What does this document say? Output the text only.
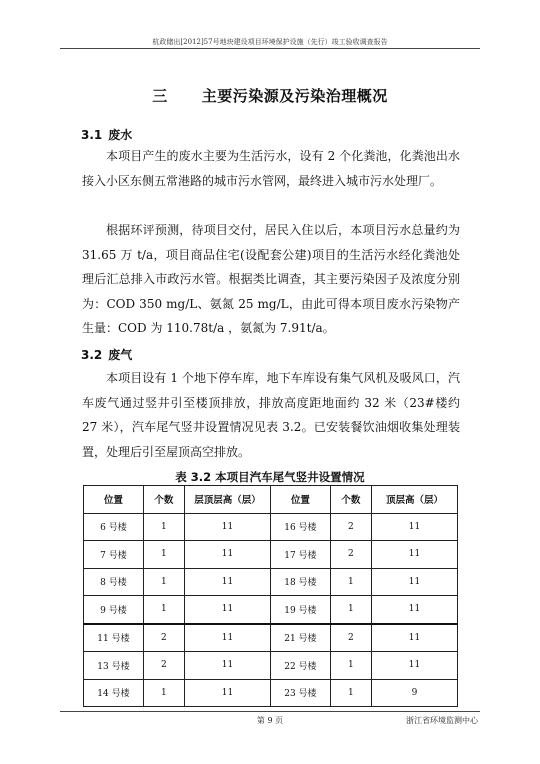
杭政储出[2012]57号地块建设项目环境保护设施（先行）竣工验收调查报告
三 主要污染源及污染治理概况
3.1 废水

本项目产生的废水主要为生活污水，设有 2 个化粪池，化粪池出水接入小区东侧五常港路的城市污水管网，最终进入城市污水处理厂。

根据环评预测，待项目交付，居民入住以后，本项目污水总量约为 31.65 万 t/a，项目商品住宅(设配套公建)项目的生活污水经化粪池处理后汇总排入市政污水管。根据类比调查，其主要污染因子及浓度分别为：COD 350 mg/L、氨氮 25 mg/L，由此可得本项目废水污染物产生量：COD 为 110.78t/a ，氨氮为 7.91t/a。

3.2 废气

本项目设有 1 个地下停车库，地下车库设有集气风机及吸风口，汽车废气通过竖井引至楼顶排放，排放高度距地面约 32 米（23#楼约 27 米），汽车尾气竖井设置情况见表 3.2。已安装餐饮油烟收集处理装置，处理后引至屋顶高空排放。

表 3.2 本项目汽车尾气竖井设置情况
位置	个数	层顶层高（层）	位置	个数	顶层高（层）
6 号楼	1	11	16 号楼	2	11
7 号楼	1	11	17 号楼	2	11
8 号楼	1	11	18 号楼	1	11
9 号楼	1	11	19 号楼	1	11
11 号楼	2	11	21 号楼	2	11
13 号楼	2	11	22 号楼	1	11
14 号楼	1	11	23 号楼	1	9
第 9 页	浙江省环境监测中心
